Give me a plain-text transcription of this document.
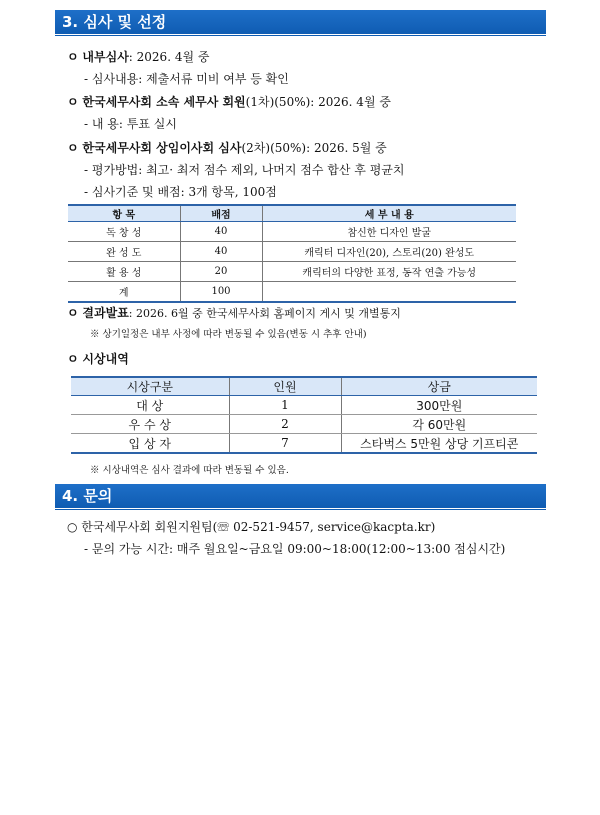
3. 심사 및 선정
ㅇ 내부심사: 2026. 4월 중
- 심사내용: 제출서류 미비 여부 등 확인
ㅇ 한국세무사회 소속 세무사 회원(1차)(50%): 2026. 4월 중
- 내 용: 투표 실시
ㅇ 한국세무사회 상임이사회 심사(2차)(50%): 2026. 5월 중
- 평가방법: 최고· 최저 점수 제외, 나머지 점수 합산 후 평균치
- 심사기준 및 배점: 3개 항목, 100점
항 목	배점	세 부 내 용
독 창 성	40	참신한 디자인 발굴
완 성 도	40	캐릭터 디자인(20), 스토리(20) 완성도
활 용 성	20	캐릭터의 다양한 표정, 동작 연출 가능성
계	100	
ㅇ 결과발표: 2026. 6월 중 한국세무사회 홈페이지 게시 및 개별통지
※ 상기일정은 내부 사정에 따라 변동될 수 있음(변동 시 추후 안내)
ㅇ 시상내역
시상구분	인원	상금
대 상	1	300만원
우 수 상	2	각 60만원
입 상 자	7	스타벅스 5만원 상당 기프티콘
※ 시상내역은 심사 결과에 따라 변동될 수 있음.
4. 문의
○ 한국세무사회 회원지원팀(☏ 02-521-9457, service@kacpta.kr)
- 문의 가능 시간: 매주 월요일~금요일 09:00~18:00(12:00~13:00 점심시간)
